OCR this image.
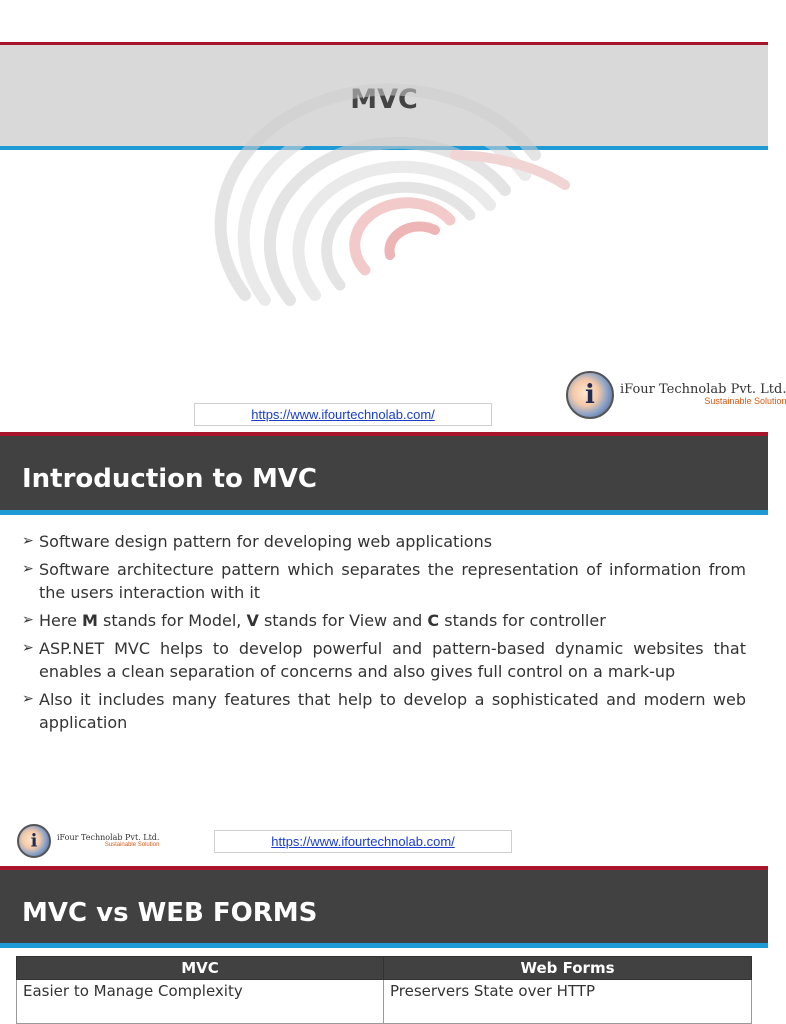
MVC
i iFour Technolab Pvt. Ltd.
Sustainable Solution
https://www.ifourtechnolab.com/
Introduction to MVC
➢ Software design pattern for developing web applications
➢ Software architecture pattern which separates the representation of information from the users interaction with it
➢ Here M stands for Model, V stands for View and C stands for controller
➢ ASP.NET MVC helps to develop powerful and pattern-based dynamic websites that enables a clean separation of concerns and also gives full control on a mark-up
➢ Also it includes many features that help to develop a sophisticated and modern web application
i iFour Technolab Pvt. Ltd.
Sustainable Solution	https://www.ifourtechnolab.com/
MVC vs WEB FORMS
MVC	Web Forms
Easier to Manage Complexity	Preservers State over HTTP
